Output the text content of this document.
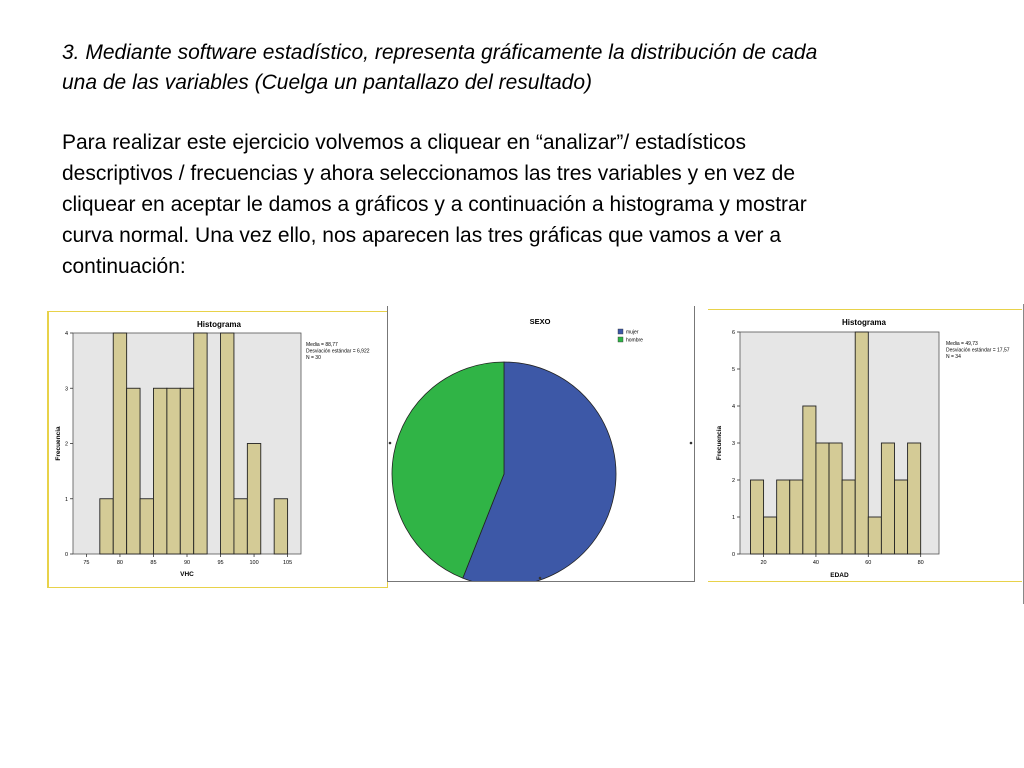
3. Mediante software estadístico, representa gráficamente la distribución de cada
una de las variables (Cuelga un pantallazo del resultado)

Para realizar este ejercicio volvemos a cliquear en “analizar”/ estadísticos
descriptivos / frecuencias y ahora seleccionamos las tres variables y en vez de
cliquear en aceptar le damos a gráficos y a continuación a histograma y mostrar
curva normal. Una vez ello, nos aparecen las tres gráficas que vamos a ver a
continuación:

Histograma
0
1
2
3
4
75	80	85	90	95	100	105
VHC
Frecuencia
Media = 88,77
Desviación estándar = 6,922
N = 30
SEXO
mujer
hombre
Histograma
0
1
2
3
4
5
6
20	40	60	80
EDAD
Frecuencia
Media = 49,73
Desviación estándar = 17,57
N = 34
